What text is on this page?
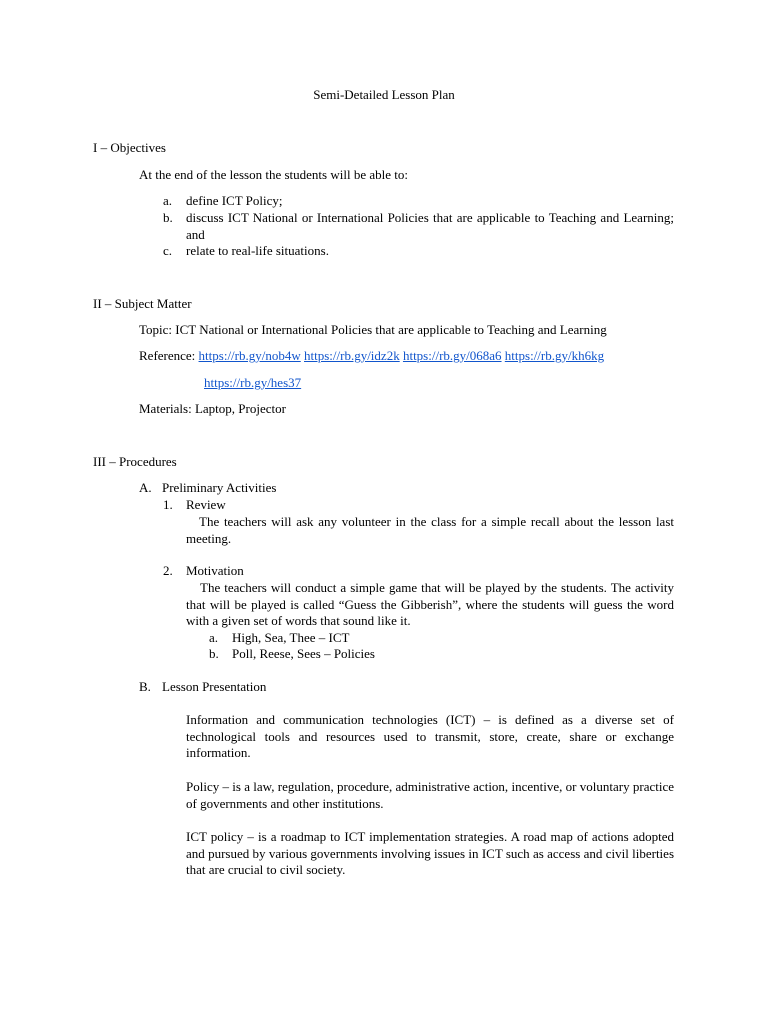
Semi-Detailed Lesson Plan
I – Objectives
At the end of the lesson the students will be able to:
a.	define ICT Policy;
b.	discuss ICT National or International Policies that are applicable to Teaching and Learning; and
c.	relate to real-life situations.
II – Subject Matter
Topic: ICT National or International Policies that are applicable to Teaching and Learning
Reference: https://rb.gy/nob4w https://rb.gy/idz2k https://rb.gy/068a6 https://rb.gy/kh6kg
https://rb.gy/hes37
Materials: Laptop, Projector
III – Procedures
A. Preliminary Activities
1. Review
The teachers will ask any volunteer in the class for a simple recall about the lesson last meeting.
2. Motivation
The teachers will conduct a simple game that will be played by the students. The activity that will be played is called “Guess the Gibberish”, where the students will guess the word with a given set of words that sound like it.
a. High, Sea, Thee – ICT
b. Poll, Reese, Sees – Policies
B. Lesson Presentation
Information and communication technologies (ICT) – is defined as a diverse set of technological tools and resources used to transmit, store, create, share or exchange information.
Policy – is a law, regulation, procedure, administrative action, incentive, or voluntary practice of governments and other institutions.
ICT policy – is a roadmap to ICT implementation strategies. A road map of actions adopted and pursued by various governments involving issues in ICT such as access and civil liberties that are crucial to civil society.
